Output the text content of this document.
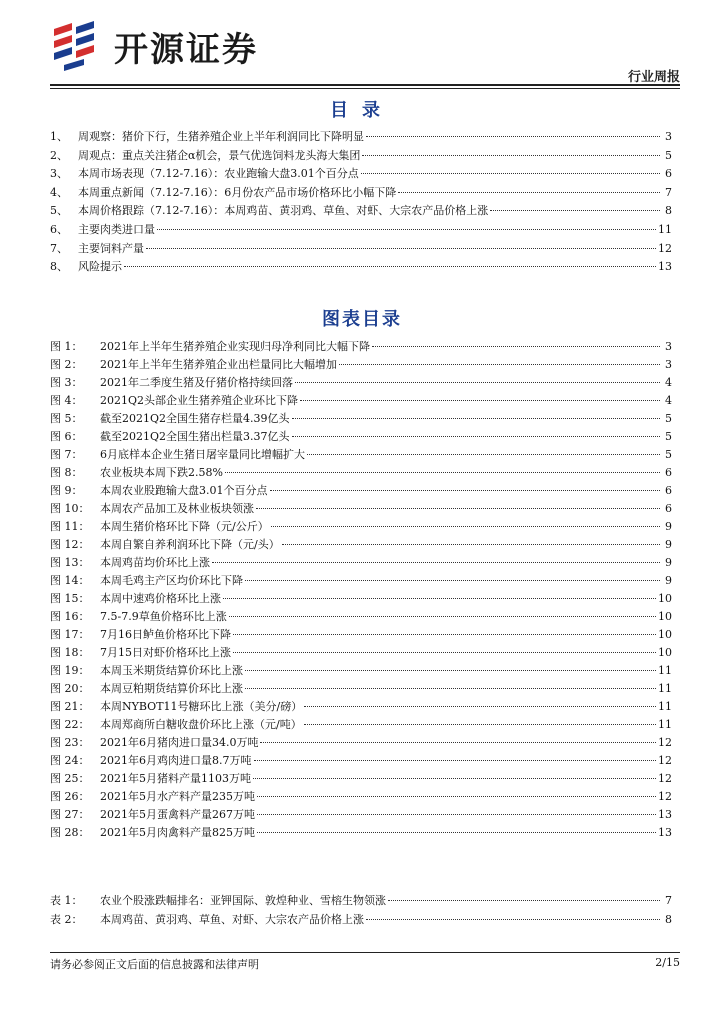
开源证券
行业周报
目录
1、 周观察：猪价下行，生猪养殖企业上半年利润同比下降明显	3
2、 周观点：重点关注猪企α机会，景气优选饲料龙头海大集团	5
3、 本周市场表现（7.12-7.16）：农业跑输大盘3.01个百分点	6
4、 本周重点新闻（7.12-7.16）：6月份农产品市场价格环比小幅下降	7
5、 本周价格跟踪（7.12-7.16）：本周鸡苗、黄羽鸡、草鱼、对虾、大宗农产品价格上涨	8
6、 主要肉类进口量	11
7、 主要饲料产量	12
8、 风险提示	13
图表目录
图 1：	2021年上半年生猪养殖企业实现归母净利同比大幅下降	3
图 2：	2021年上半年生猪养殖企业出栏量同比大幅增加	3
图 3：	2021年二季度生猪及仔猪价格持续回落	4
图 4：	2021Q2头部企业生猪养殖企业环比下降	4
图 5：	截至2021Q2全国生猪存栏量4.39亿头	5
图 6：	截至2021Q2全国生猪出栏量3.37亿头	5
图 7：	6月底样本企业生猪日屠宰量同比增幅扩大	5
图 8：	农业板块本周下跌2.58%	6
图 9：	本周农业股跑输大盘3.01个百分点	6
图 10： 本周农产品加工及林业板块领涨	6
图 11： 本周生猪价格环比下降（元/公斤）	9
图 12： 本周自繁自养利润环比下降（元/头）	9
图 13： 本周鸡苗均价环比上涨	9
图 14： 本周毛鸡主产区均价环比下降	9
图 15： 本周中速鸡价格环比上涨	10
图 16： 7.5-7.9草鱼价格环比上涨	10
图 17： 7月16日鲈鱼价格环比下降	10
图 18： 7月15日对虾价格环比上涨	10
图 19： 本周玉米期货结算价环比上涨	11
图 20： 本周豆粕期货结算价环比上涨	11
图 21： 本周NYBOT11号糖环比上涨（美分/磅）	11
图 22： 本周郑商所白糖收盘价环比上涨（元/吨）	11
图 23： 2021年6月猪肉进口量34.0万吨	12
图 24： 2021年6月鸡肉进口量8.7万吨	12
图 25： 2021年5月猪料产量1103万吨	12
图 26： 2021年5月水产料产量235万吨	12
图 27： 2021年5月蛋禽料产量267万吨	13
图 28： 2021年5月肉禽料产量825万吨	13
表 1：	农业个股涨跌幅排名：亚钾国际、敦煌种业、雪榕生物领涨	7
表 2：	本周鸡苗、黄羽鸡、草鱼、对虾、大宗农产品价格上涨	8
请务必参阅正文后面的信息披露和法律声明	2/15
